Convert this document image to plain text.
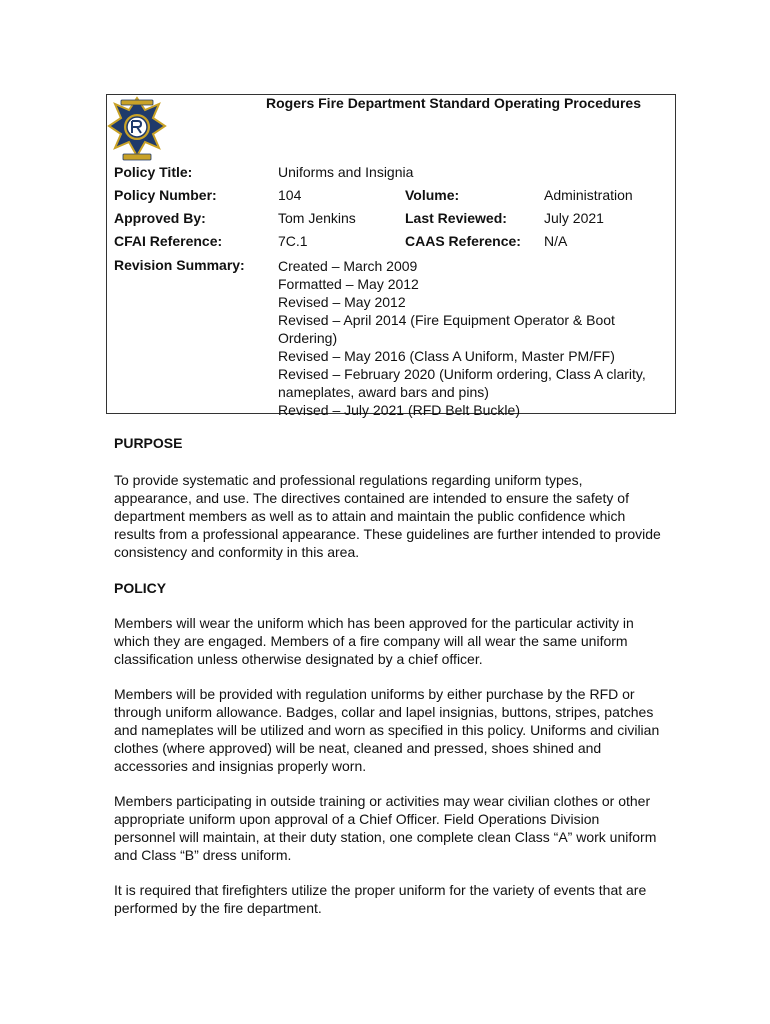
Rogers Fire Department Standard Operating Procedures
Policy Title:	Uniforms and Insignia
Policy Number:	104	Volume:	Administration
Approved By:	Tom Jenkins	Last Reviewed:	July 2021
CFAI Reference:	7C.1	CAAS Reference: N/A
Revision Summary: Created – March 2009
Formatted – May 2012
Revised – May 2012
Revised – April 2014 (Fire Equipment Operator & Boot Ordering)
Revised – May 2016 (Class A Uniform, Master PM/FF)
Revised – February 2020 (Uniform ordering, Class A clarity, nameplates, award bars and pins)
Revised – July 2021 (RFD Belt Buckle)
PURPOSE
To provide systematic and professional regulations regarding uniform types, appearance, and use. The directives contained are intended to ensure the safety of department members as well as to attain and maintain the public confidence which results from a professional appearance. These guidelines are further intended to provide consistency and conformity in this area.
POLICY
Members will wear the uniform which has been approved for the particular activity in which they are engaged. Members of a fire company will all wear the same uniform classification unless otherwise designated by a chief officer.
Members will be provided with regulation uniforms by either purchase by the RFD or through uniform allowance. Badges, collar and lapel insignias, buttons, stripes, patches and nameplates will be utilized and worn as specified in this policy. Uniforms and civilian clothes (where approved) will be neat, cleaned and pressed, shoes shined and accessories and insignias properly worn.
Members participating in outside training or activities may wear civilian clothes or other appropriate uniform upon approval of a Chief Officer. Field Operations Division personnel will maintain, at their duty station, one complete clean Class “A” work uniform and Class “B” dress uniform.
It is required that firefighters utilize the proper uniform for the variety of events that are performed by the fire department.
